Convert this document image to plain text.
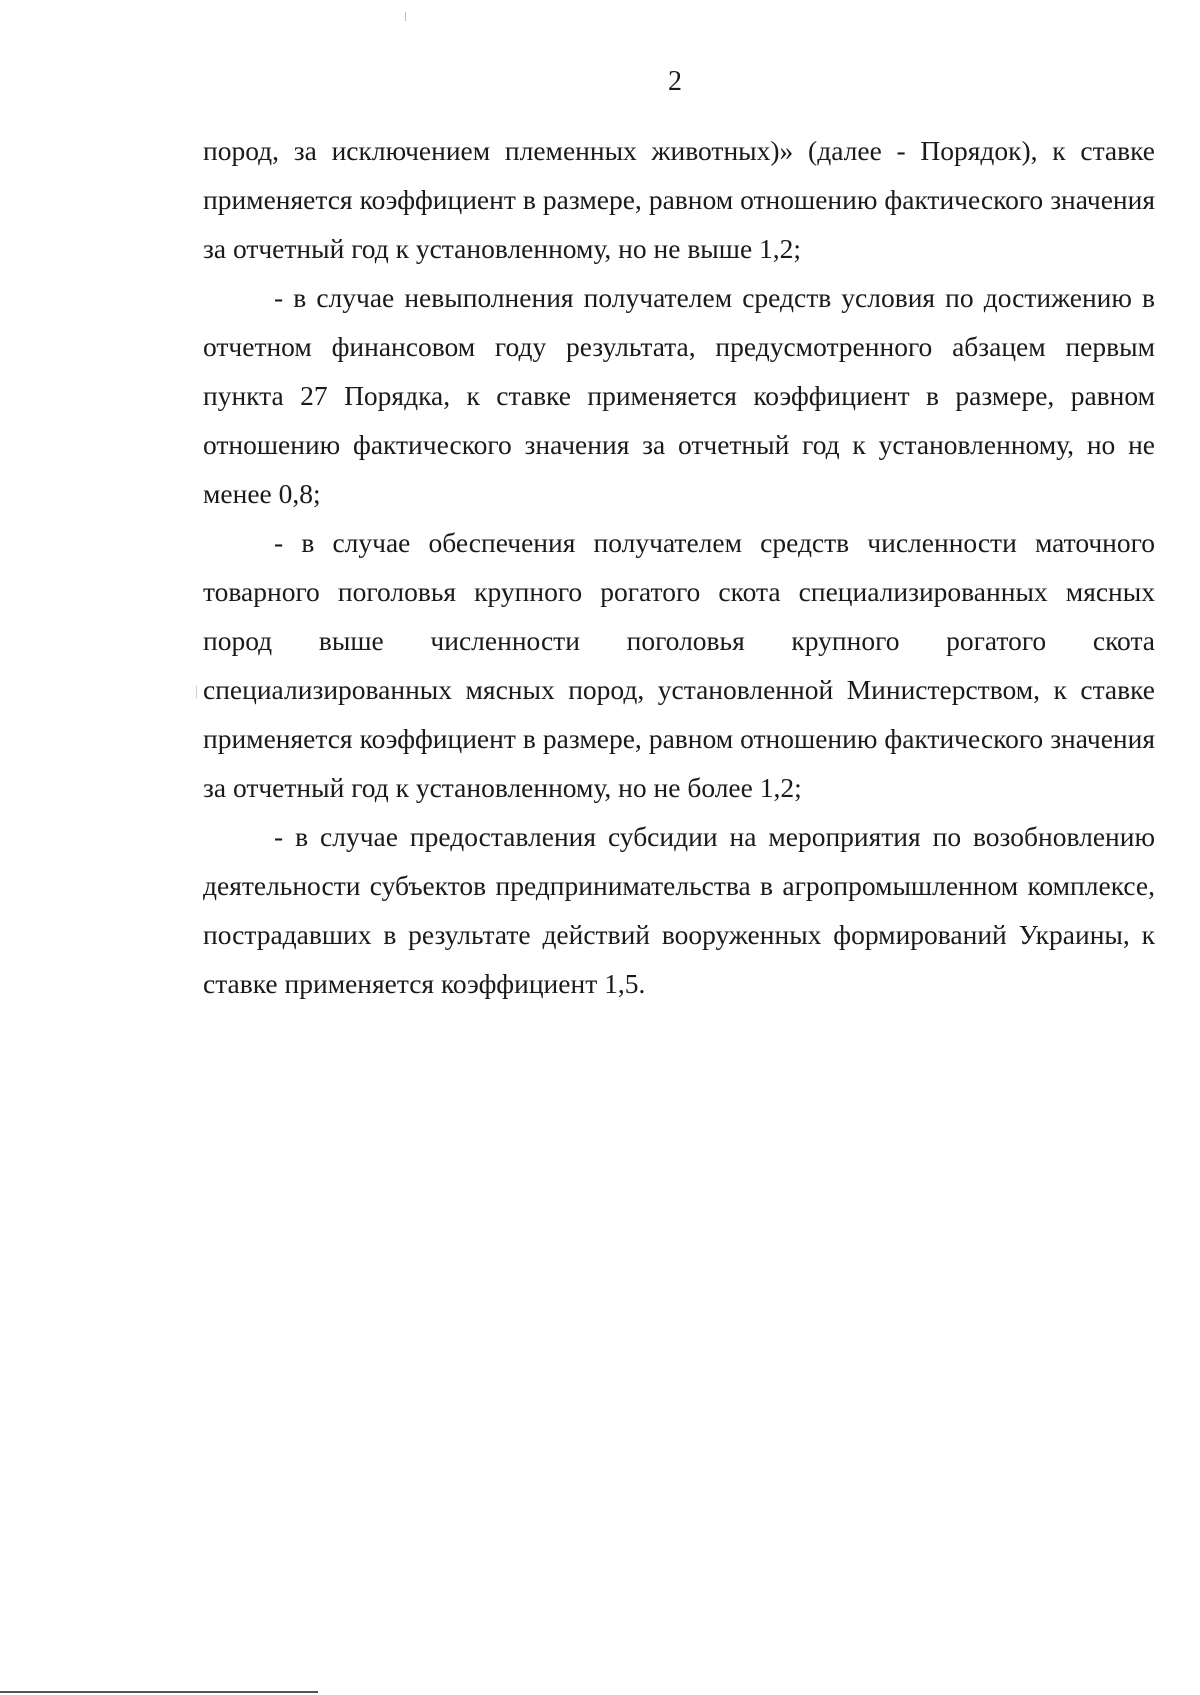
2

пород, за исключением племенных животных)» (далее - Порядок), к ставке применяется коэффициент в размере, равном отношению фактического значения за отчетный год к установленному, но не выше 1,2;

- в случае невыполнения получателем средств условия по достижению в отчетном финансовом году результата, предусмотренного абзацем первым пункта 27 Порядка, к ставке применяется коэффициент в размере, равном отношению фактического значения за отчетный год к установленному, но не менее 0,8;

- в случае обеспечения получателем средств численности маточного товарного поголовья крупного рогатого скота специализированных мясных пород выше численности поголовья крупного рогатого скота специализированных мясных пород, установленной Министерством, к ставке применяется коэффициент в размере, равном отношению фактического значения за отчетный год к установленному, но не более 1,2;

- в случае предоставления субсидии на мероприятия по возобновлению деятельности субъектов предпринимательства в агропромышленном комплексе, пострадавших в результате действий вооруженных формирований Украины, к ставке применяется коэффициент 1,5.
